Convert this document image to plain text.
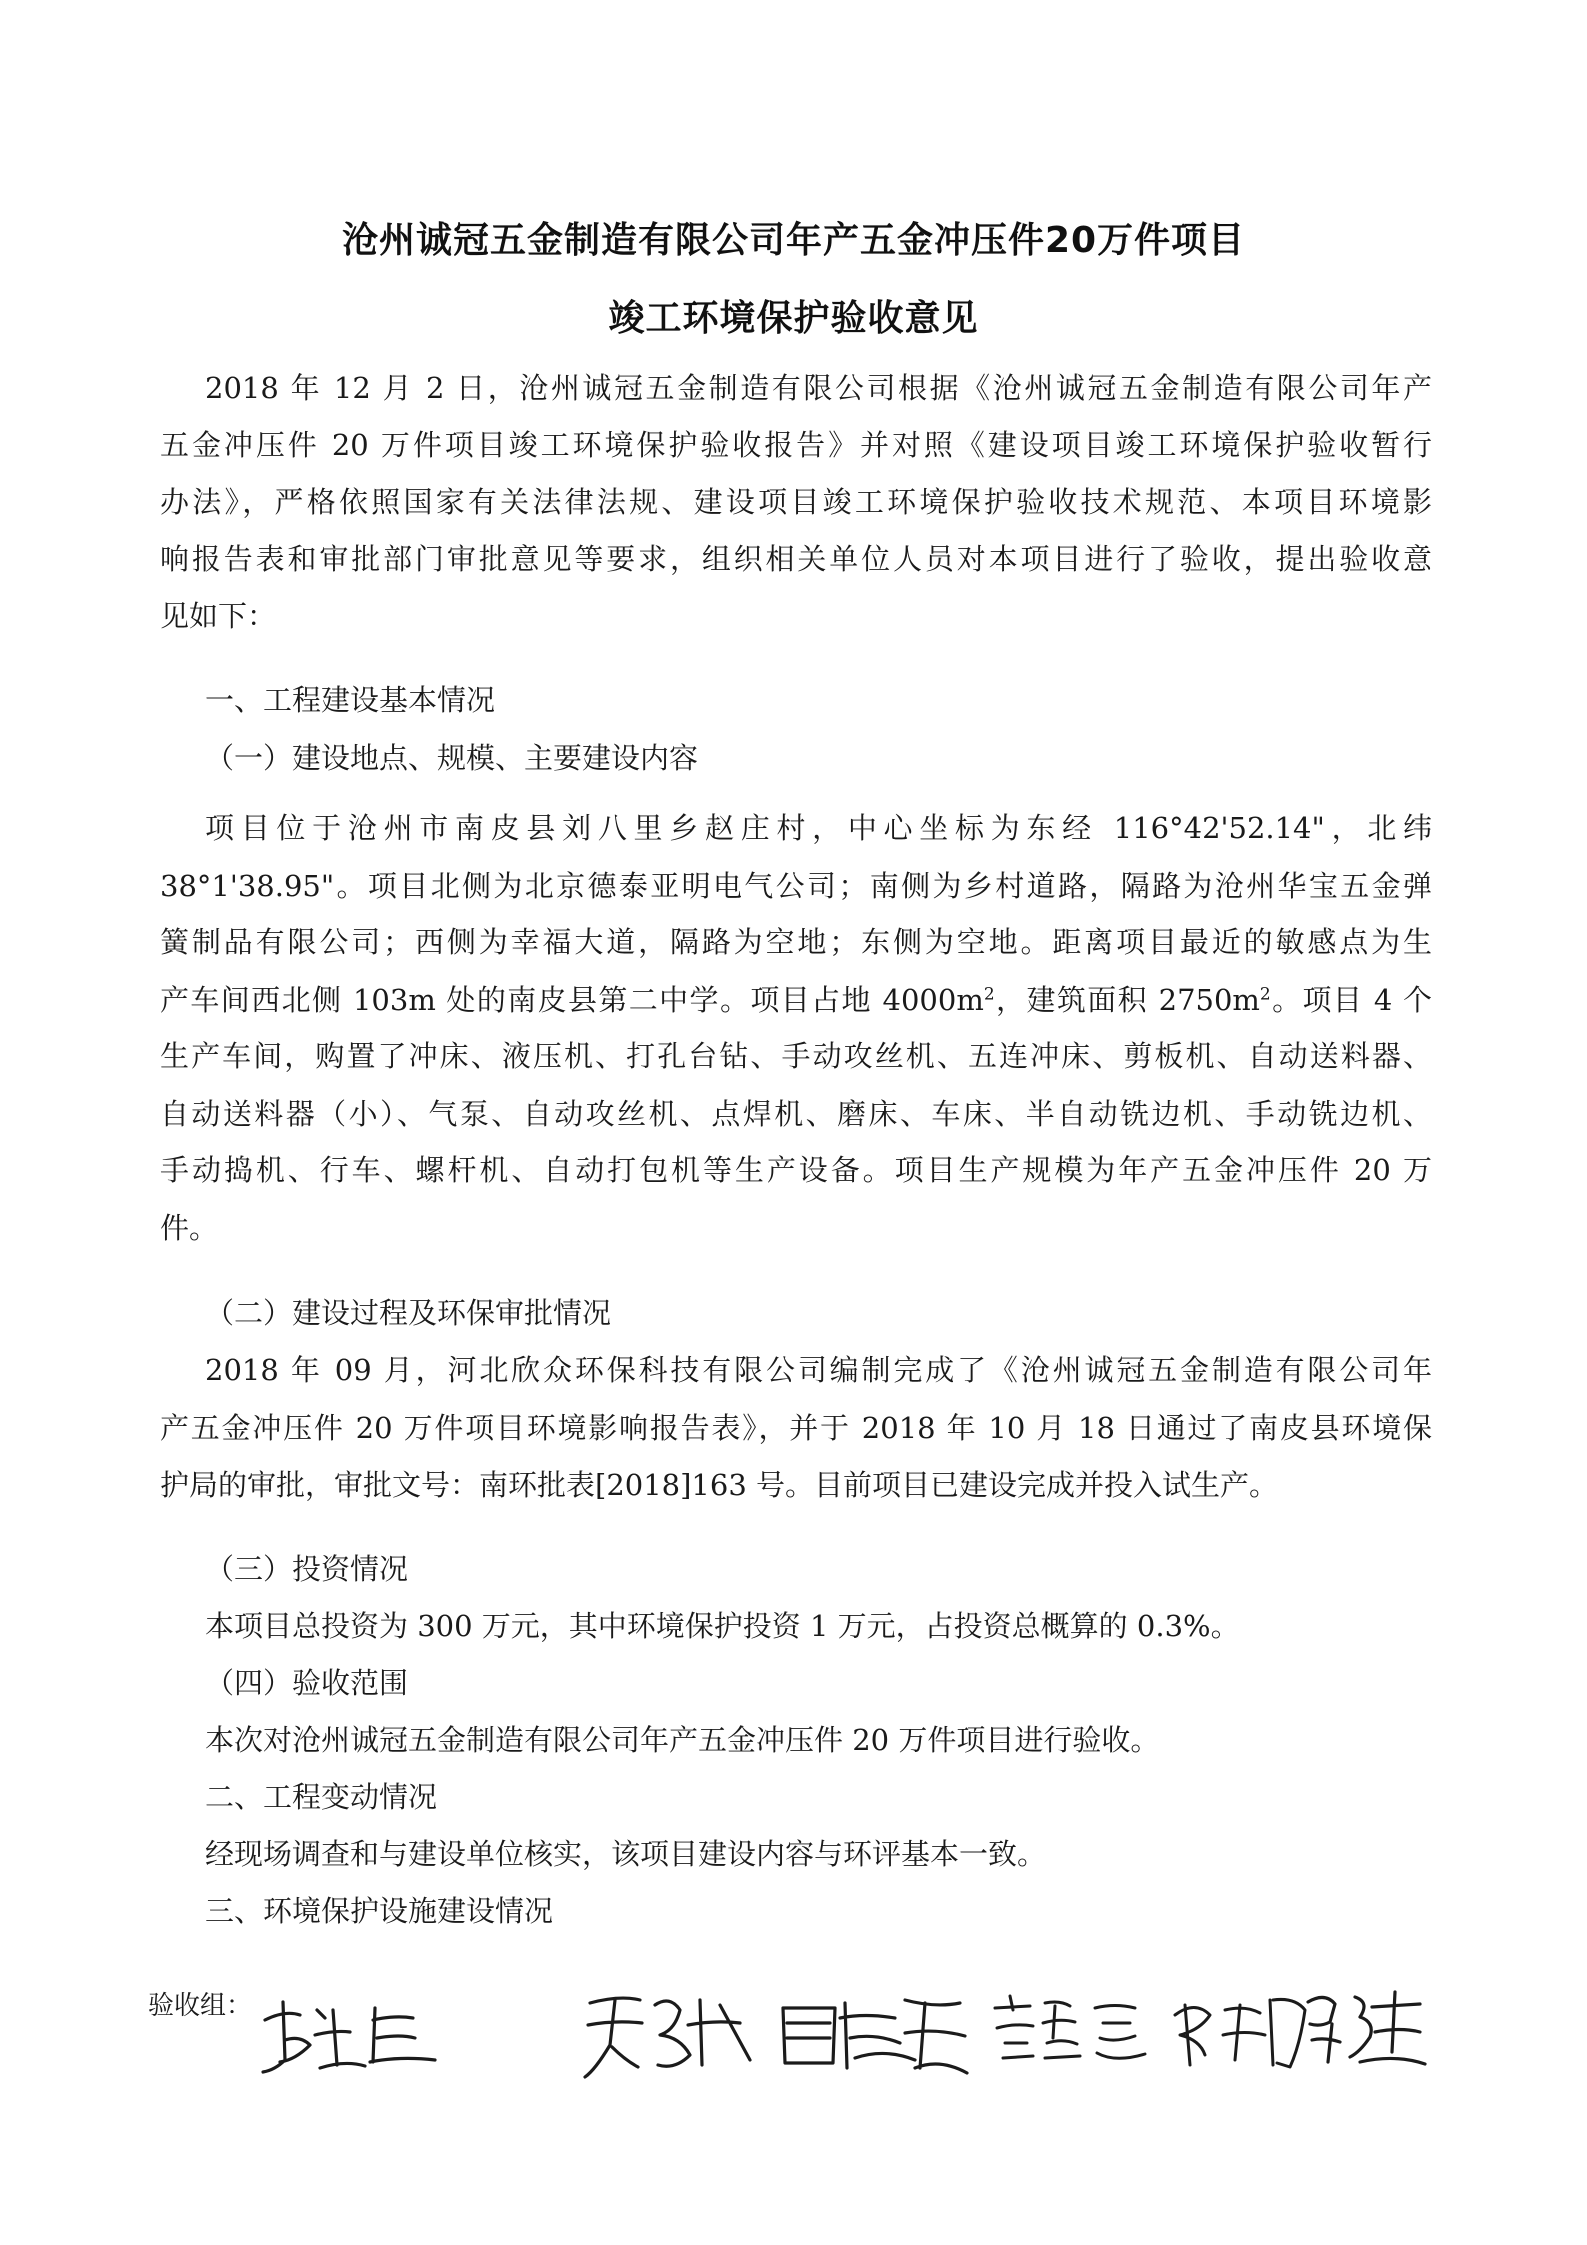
沧州诚冠五金制造有限公司年产五金冲压件20万件项目
竣工环境保护验收意见
2018 年 12 月 2 日，沧州诚冠五金制造有限公司根据《沧州诚冠五金制造有限公司年产
五金冲压件 20 万件项目竣工环境保护验收报告》并对照《建设项目竣工环境保护验收暂行
办法》，严格依照国家有关法律法规、建设项目竣工环境保护验收技术规范、本项目环境影
响报告表和审批部门审批意见等要求，组织相关单位人员对本项目进行了验收，提出验收意
见如下：
一、工程建设基本情况
（一）建设地点、规模、主要建设内容
项目位于沧州市南皮县刘八里乡赵庄村，中心坐标为东经 116°42'52.14"，北纬
38°1'38.95"。项目北侧为北京德泰亚明电气公司；南侧为乡村道路，隔路为沧州华宝五金弹
簧制品有限公司；西侧为幸福大道，隔路为空地；东侧为空地。距离项目最近的敏感点为生
产车间西北侧 103m 处的南皮县第二中学。项目占地 $4000m^2$，建筑面积 $2750m^2$。项目 4 个
生产车间，购置了冲床、液压机、打孔台钻、手动攻丝机、五连冲床、剪板机、自动送料器、
自动送料器（小）、气泵、自动攻丝机、点焊机、磨床、车床、半自动铣边机、手动铣边机、
手动捣机、行车、螺杆机、自动打包机等生产设备。项目生产规模为年产五金冲压件 20 万
件。
（二）建设过程及环保审批情况
2018 年 09 月，河北欣众环保科技有限公司编制完成了《沧州诚冠五金制造有限公司年
产五金冲压件 20 万件项目环境影响报告表》，并于 2018 年 10 月 18 日通过了南皮县环境保
护局的审批，审批文号：南环批表[2018]163 号。目前项目已建设完成并投入试生产。
（三）投资情况
本项目总投资为 300 万元，其中环境保护投资 1 万元，占投资总概算的 0.3%。
（四）验收范围
本次对沧州诚冠五金制造有限公司年产五金冲压件 20 万件项目进行验收。
二、工程变动情况
经现场调查和与建设单位核实，该项目建设内容与环评基本一致。
三、环境保护设施建设情况
验收组：
